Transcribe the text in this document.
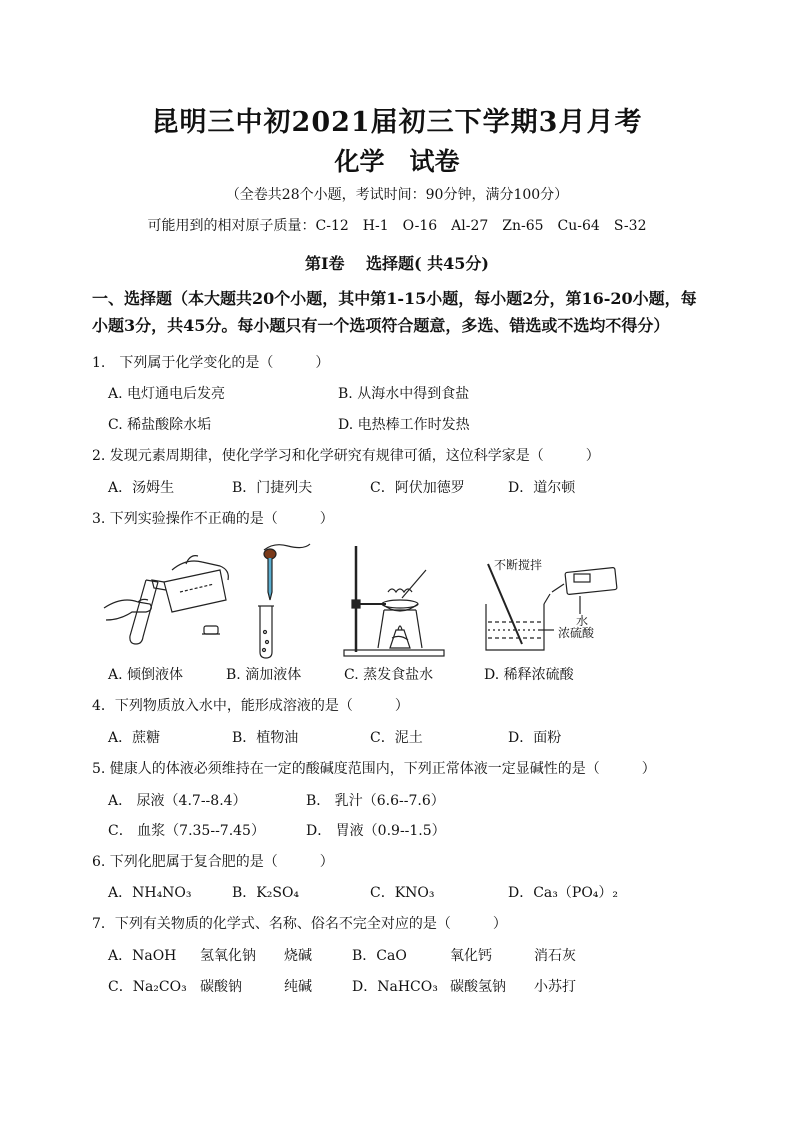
昆明三中初2021届初三下学期3月月考
化学　试卷
（全卷共28个小题，考试时间：90分钟，满分100分）
可能用到的相对原子质量：C-12　H-1　O-16　Al-27　Zn-65　Cu-64　S-32
第Ⅰ卷　 选择题( 共45分)
一、选择题（本大题共20个小题，其中第1-15小题，每小题2分，第16-20小题，每小题3分，共45分。每小题只有一个选项符合题意，多选、错选或不选均不得分）
1.　下列属于化学变化的是（　　　）
A. 电灯通电后发亮	B. 从海水中得到食盐
C. 稀盐酸除水垢	D. 电热棒工作时发热
2. 发现元素周期律，使化学学习和化学研究有规律可循，这位科学家是（　　　）
A．汤姆生	B．门捷列夫	C．阿伏加德罗	D．道尔顿
3. 下列实验操作不正确的是（　　　）
A. 倾倒液体	B. 滴加液体	C. 蒸发食盐水
不断搅拌
水
浓硫酸
D. 稀释浓硫酸
4．下列物质放入水中，能形成溶液的是（　　　）
A．蔗糖	B．植物油	C．泥土	D．面粉
5. 健康人的体液必须维持在一定的酸碱度范围内，下列正常体液一定显碱性的是（　　　）
A． 尿液（4.7--8.4）	B． 乳汁（6.6--7.6）
C． 血浆（7.35--7.45）	D． 胃液（0.9--1.5）
6. 下列化肥属于复合肥的是（　　　）
A．NH₄NO₃	B．K₂SO₄	C．KNO₃	D．Ca₃（PO₄）₂
7．下列有关物质的化学式、名称、俗名不完全对应的是（　　　）
A．NaOH 氢氧化钠 烧碱	B．CaO	氧化钙	消石灰
C．Na₂CO₃ 碳酸钠	纯碱	D．NaHCO₃ 碳酸氢钠 小苏打
